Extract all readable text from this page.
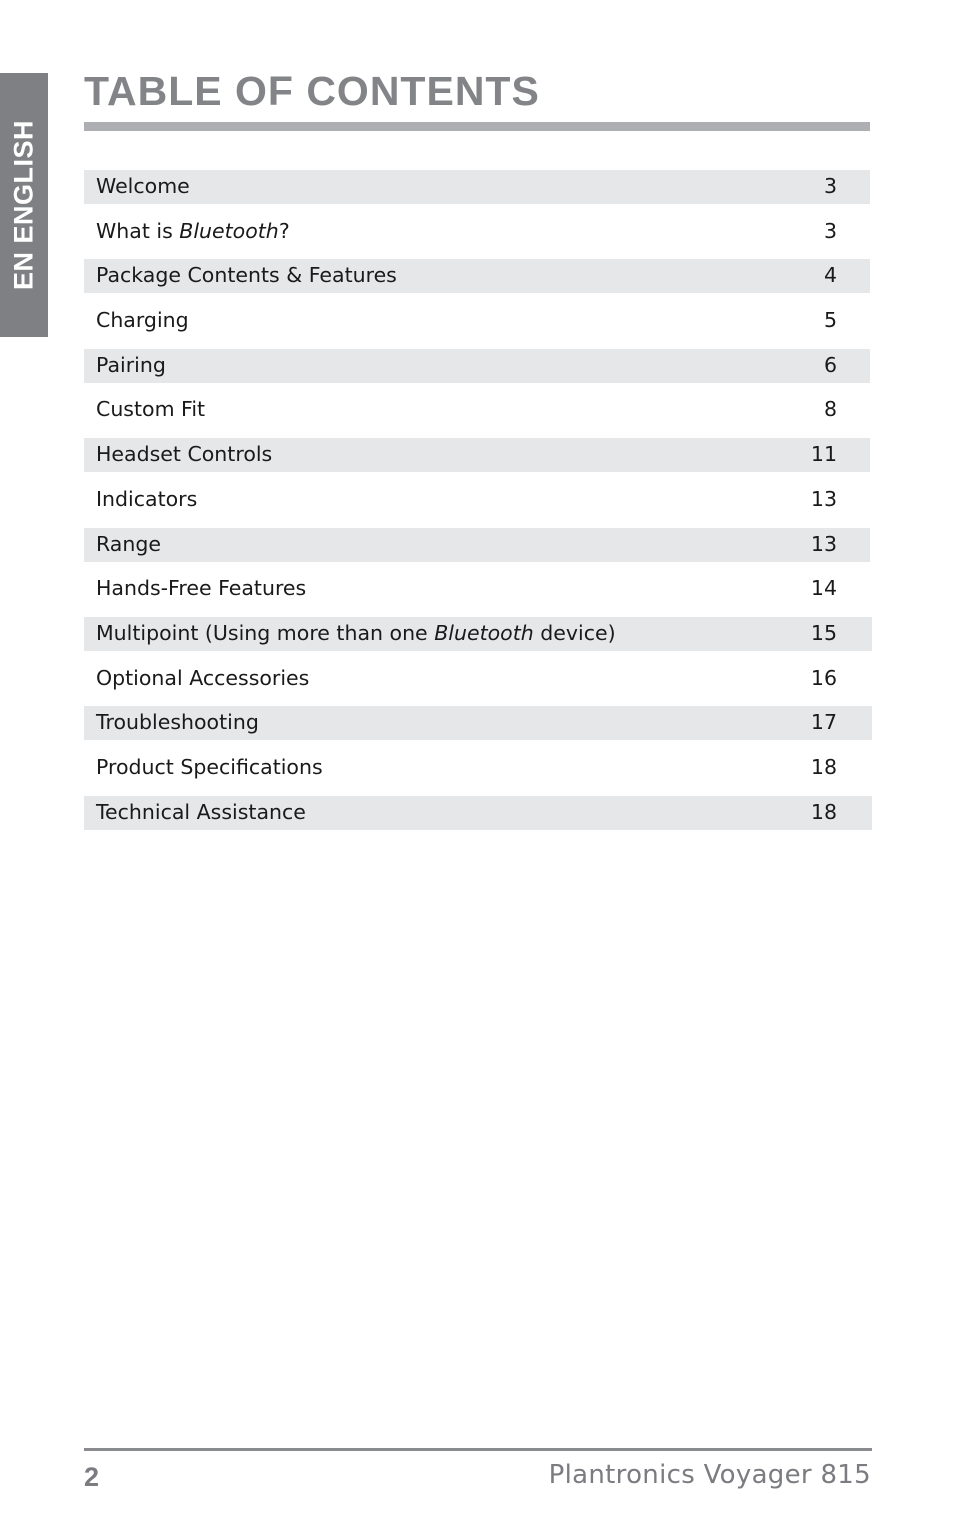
EN ENGLISH
TABLE OF CONTENTS
Welcome	3
What is Bluetooth?	3
Package Contents & Features	4
Charging	5
Pairing	6
Custom Fit	8
Headset Controls	11
Indicators	13
Range	13
Hands-Free Features	14
Multipoint (Using more than one Bluetooth device)	15
Optional Accessories	16
Troubleshooting	17
Product Specifications	18
Technical Assistance	18
2	Plantronics Voyager 815
